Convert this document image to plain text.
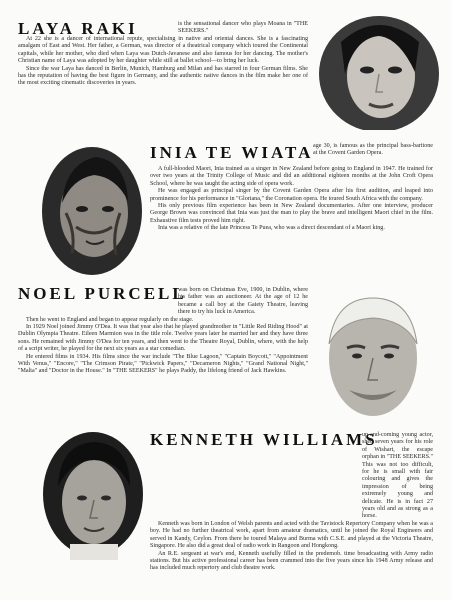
LAYA RAKI	is the sensational dancer who plays Moana in "THE SEEKERS."

At 22 she is a dancer of international repute, specialising in native and oriental dances. She is a fascinating amalgam of East and West. Her father, a German, was director of a theatrical company which toured the Continental capitals, while her mother, who died when Laya was Dutch-Javanese and also famous for her dancing. The mother's Christian name of Laya was adopted by her daughter while still at ballet school—to bring her luck.

Since the war Laya has danced in Berlin, Munich, Hamburg and Milan and has starred in four German films. She has the reputation of having the best figure in Germany, and the authentic native dances in the film make her one of the most exciting cinematic discoveries in years.

INIA TE WIATA age 30, is famous as the principal bass-baritone at the Covent Garden Opera.

A full-blooded Maori, Inia trained as a singer in New Zealand before going to England in 1947. He trained for over two years at the Trinity College of Music and did an additional eighteen months at the John Croft Opera School, where he was taught the acting side of opera work.

He was engaged as principal singer by the Covent Garden Opera after his first audition, and leaped into prominence for his performance in "Gloriana," the Coronation opera. He toured South Africa with the company.

His only previous film experience has been in New Zealand documentaries. After one interview, producer George Brown was convinced that Inia was just the man to play the brave and intelligent Maori chief in the film. Exhaustive film tests proved him right.

Inia was a relative of the late Princess Te Puea, who was a direct descendant of a Maori king.

NOEL PURCELL

was born on Christmas Eve, 1900, in Dublin, where his father was an auctioneer. At the age of 12 he became a call boy at the Gaiety Theatre, leaving there to try his luck in America.

Then he went to England and began to appear regularly on the stage.

In 1929 Noel joined Jimmy O'Dea. It was that year also that he played grandmother in "Little Red Riding Hood" at Dublin Olympia Theatre. Eileen Marmion was in the title role. Twelve years later he married her and they have three sons. He remained with Jimmy O'Dea for ten years, and then went to the Theatre Royal, Dublin, where, with the help of a script writer, he played for the next six years as a star comedian.

He entered films in 1934. His films since the war include "The Blue Lagoon," "Captain Boycott," "Appointment With Venus," "Encore," "The Crimson Pirate," "Pickwick Papers," "Decameron Nights," "Grand National Night," "Malta" and "Doctor in the House." In "THE SEEKERS" he plays Paddy, the lifelong friend of Jack Hawkins.

KENNETH WILLIAMS

up-and-coming young actor, shed seven years for his role of Wishart, the escape orphan in "THE SEEKERS." This was not too difficult, for he is small with fair colouring and gives the impression of being extremely young and delicate. He is in fact 27 years old and as strong as a horse.

Kenneth was born in London of Welsh parents and acted with the Tavistock Repertory Company when he was a boy. He had no further theatrical work, apart from amateur dramatics, until he joined the Royal Engineers and served in Kandy, Ceylon. From there he toured Malaya and Burma with C.S.E. and played at the Victoria Theatre, Singapore. He also did a great deal of radio work in Rangoon and Hongkong.

An R.E. sergeant at war's end, Kenneth usefully filled in the predemob. time broadcasting with Army radio stations. But his active professional career has been crammed into the five years since his 1948 Army release and has included much repertory and club theatre work.
